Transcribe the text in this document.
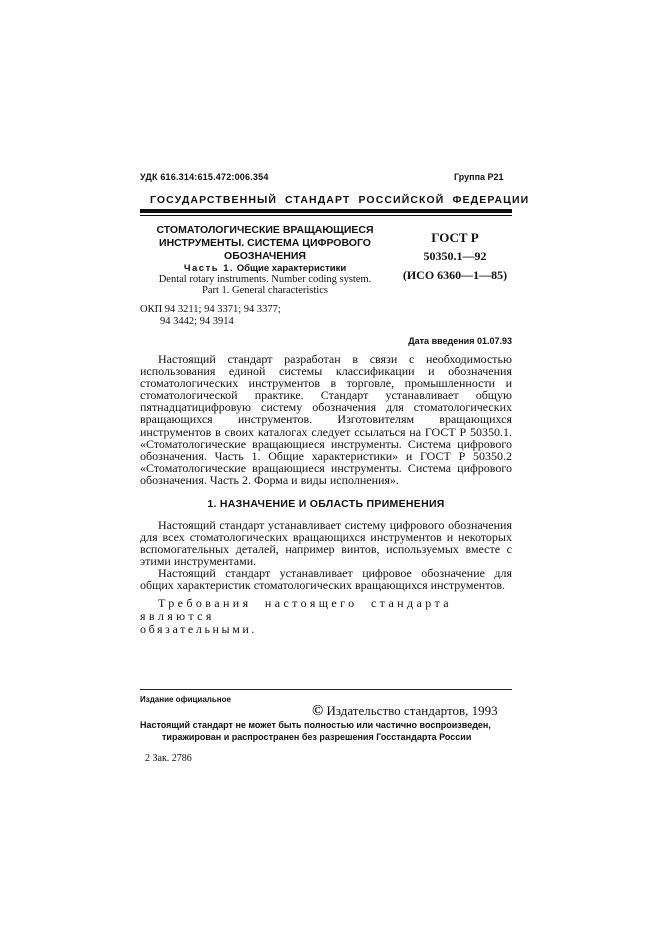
УДК 616.314:615.472:006.354	Группа Р21
ГОСУДАРСТВЕННЫЙ СТАНДАРТ РОССИЙСКОЙ ФЕДЕРАЦИИ
СТОМАТОЛОГИЧЕСКИЕ ВРАЩАЮЩИЕСЯ
ИНСТРУМЕНТЫ. СИСТЕМА ЦИФРОВОГО
ОБОЗНАЧЕНИЯ
Часть 1. Общие характеристики
Dental rotary instruments. Number coding system.
Part 1. General characteristics
ГОСТ Р
50350.1—92
(ИСО 6360—1—85)
ОКП 94 3211; 94 3371; 94 3377;
94 3442; 94 3914
Дата введения 01.07.93

Настоящий стандарт разработан в связи с необходимостью использования единой системы классификации и обозначения стоматологических инструментов в торговле, промышленности и стоматологической практике. Стандарт устанавливает общую пятнадцатицифровую систему обозначения для стоматологических вращающихся инструментов. Изготовителям вращающихся инструментов в своих каталогах следует ссылаться на ГОСТ Р 50350.1. «Стоматологические вращающиеся инструменты. Система цифрового обозначения. Часть 1. Общие характеристики» и ГОСТ Р 50350.2 «Стоматологические вращающиеся инструменты. Система цифрового обозначения. Часть 2. Форма и виды исполнения».

1. НАЗНАЧЕНИЕ И ОБЛАСТЬ ПРИМЕНЕНИЯ

Настоящий стандарт устанавливает систему цифрового обозначения для всех стоматологических вращающихся инструментов и некоторых вспомогательных деталей, например винтов, используемых вместе с этими инструментами.

Настоящий стандарт устанавливает цифровое обозначение для общих характеристик стоматологических вращающихся инструментов.

Требования настоящего стандарта являются

обязательными.

Издание официальное
© Издательство стандартов, 1993
Настоящий стандарт не может быть полностью или частично воспроизведен,
тиражирован и распространен без разрешения Госстандарта России
2 Зак. 2786
